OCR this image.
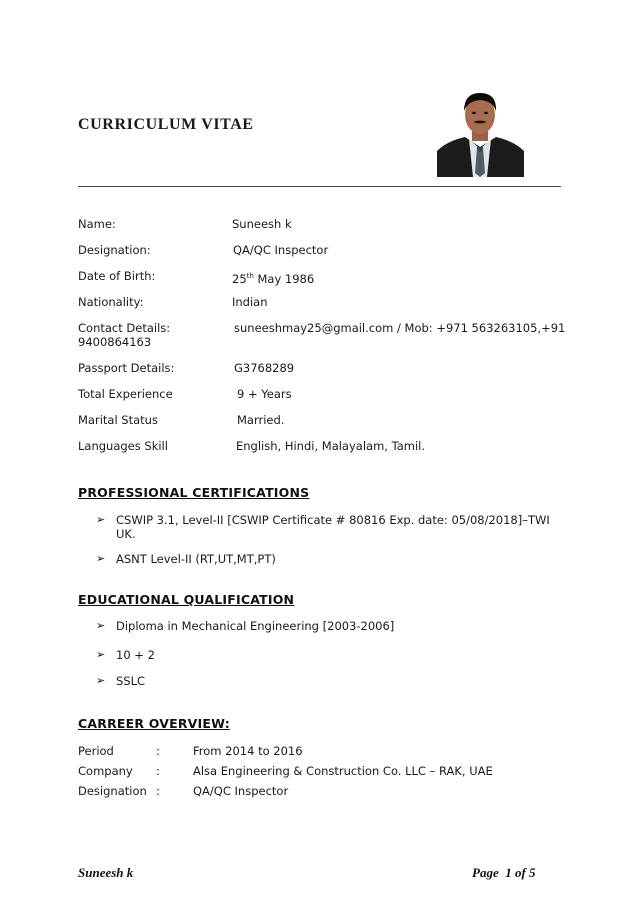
CURRICULUM VITAE
Name:	Suneesh k
Designation:	QA/QC Inspector
Date of Birth:	25th May 1986
Nationality:	Indian
Contact Details:	suneeshmay25@gmail.com / Mob: +971 563263105,+91
9400864163
Passport Details:	G3768289
Total Experience	9 + Years
Marital Status	Married.
Languages Skill	English, Hindi, Malayalam, Tamil.
PROFESSIONAL CERTIFICATIONS
➢ CSWIP 3.1, Level-II [CSWIP Certificate # 80816 Exp. date: 05/08/2018]–TWI
UK.
➢ ASNT Level-II (RT,UT,MT,PT)
EDUCATIONAL QUALIFICATION
➢ Diploma in Mechanical Engineering [2003-2006]
➢ 10 + 2
➢ SSLC
CARREER OVERVIEW:
Period	:	From 2014 to 2016
Company :	Alsa Engineering & Construction Co. LLC – RAK, UAE
Designation :	QA/QC Inspector
Suneesh k	Page 1 of 5
